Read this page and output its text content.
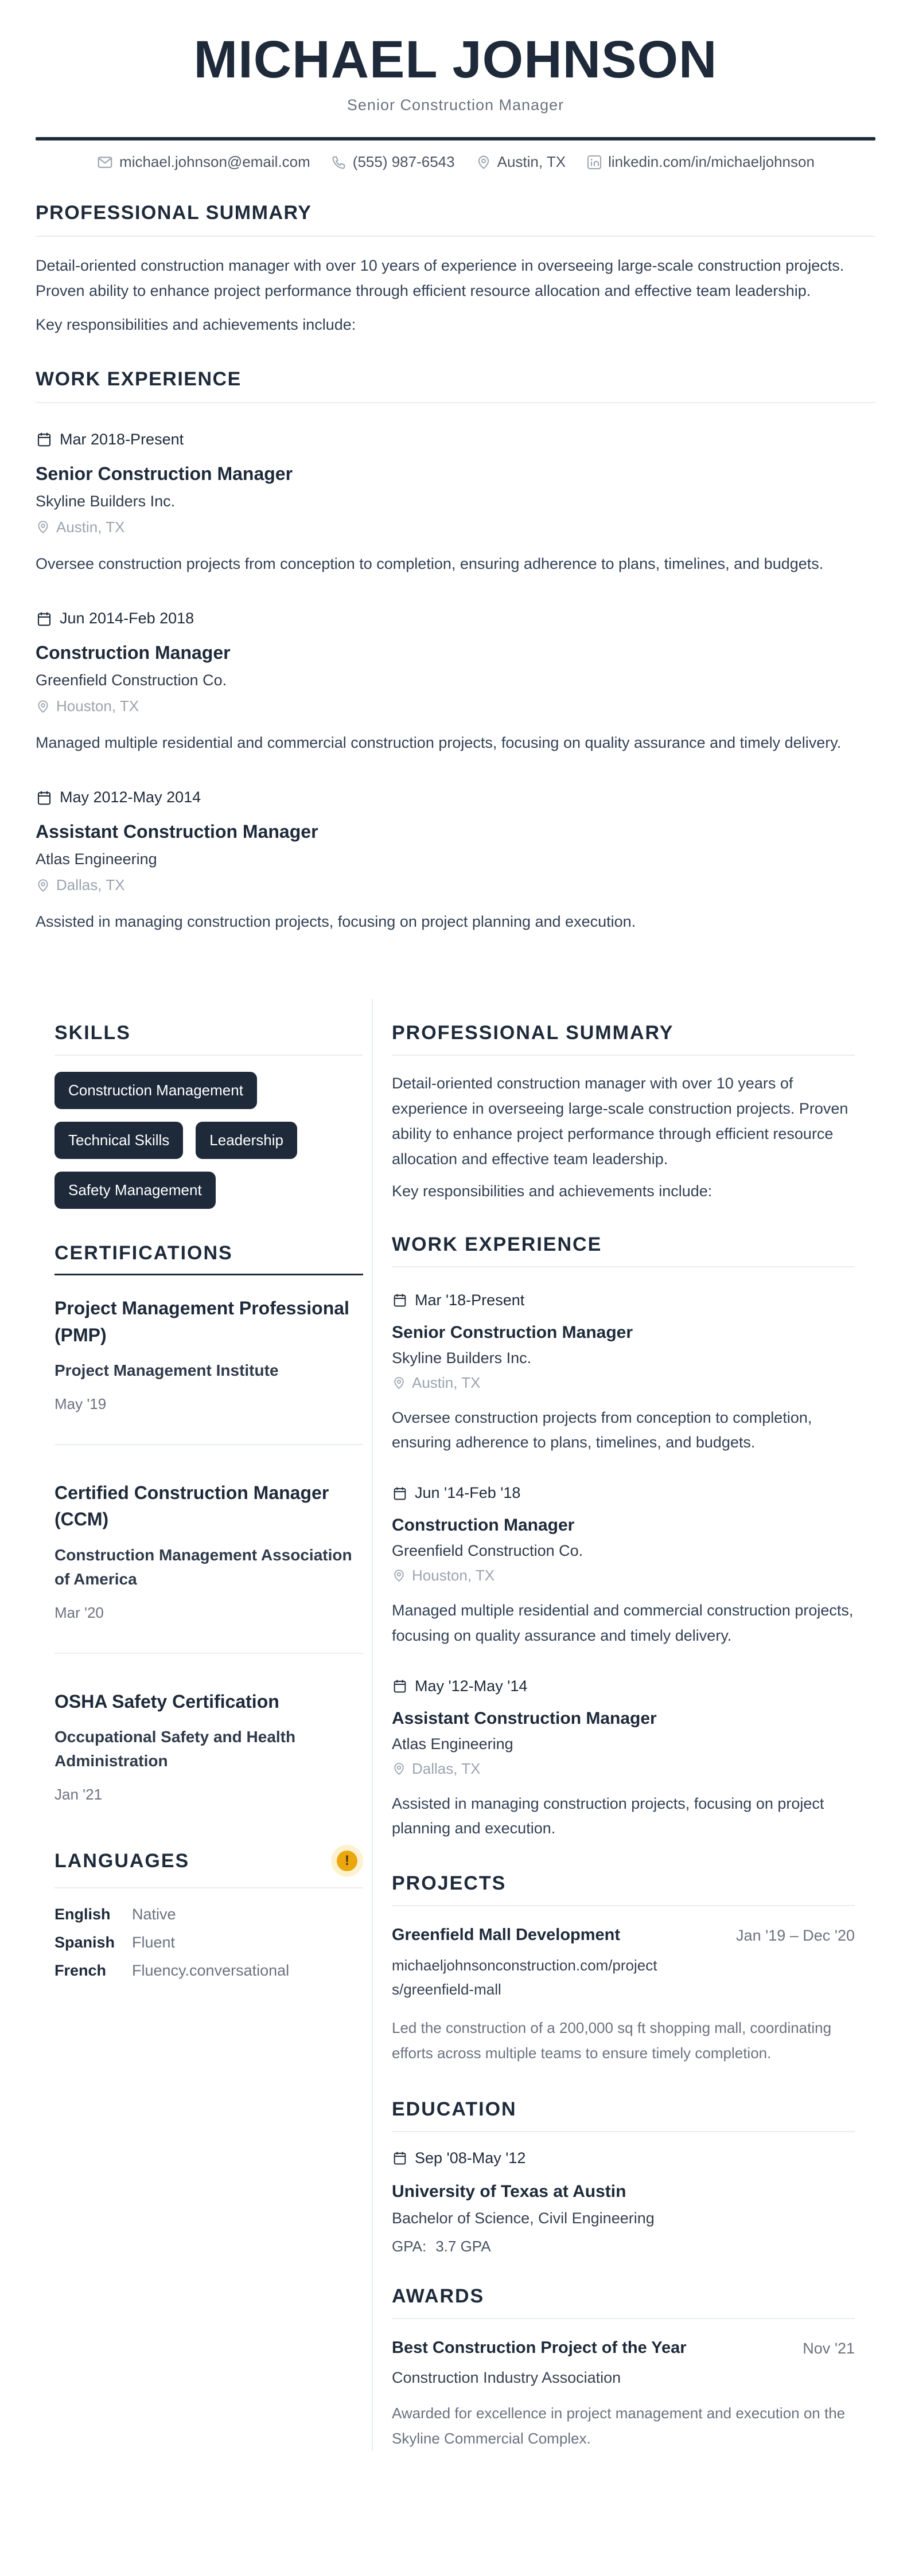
MICHAEL JOHNSON
Senior Construction Manager
michael.johnson@email.com	(555) 987-6543	Austin, TX	linkedin.com/in/michaeljohnson
PROFESSIONAL SUMMARY
Detail-oriented construction manager with over 10 years of experience in overseeing large-scale construction projects. Proven ability to enhance project performance through efficient resource allocation and effective team leadership.
Key responsibilities and achievements include:
WORK EXPERIENCE
Mar 2018-Present
Senior Construction Manager
Skyline Builders Inc.
Austin, TX
Oversee construction projects from conception to completion, ensuring adherence to plans, timelines, and budgets.
Jun 2014-Feb 2018
Construction Manager
Greenfield Construction Co.
Houston, TX
Managed multiple residential and commercial construction projects, focusing on quality assurance and timely delivery.
May 2012-May 2014
Assistant Construction Manager
Atlas Engineering
Dallas, TX
Assisted in managing construction projects, focusing on project planning and execution.
SKILLS
Construction Management
Technical Skills	Leadership
Safety Management
CERTIFICATIONS
Project Management Professional (PMP)
Project Management Institute
May '19
Certified Construction Manager (CCM)
Construction Management Association of America
Mar '20
OSHA Safety Certification
Occupational Safety and Health Administration
Jan '21
LANGUAGES	!
English	Native
Spanish	Fluent
French	Fluency.conversational
PROFESSIONAL SUMMARY
Detail-oriented construction manager with over 10 years of experience in overseeing large-scale construction projects. Proven ability to enhance project performance through efficient resource allocation and effective team leadership.
Key responsibilities and achievements include:
WORK EXPERIENCE
Mar '18-Present
Senior Construction Manager
Skyline Builders Inc.
Austin, TX
Oversee construction projects from conception to completion, ensuring adherence to plans, timelines, and budgets.
Jun '14-Feb '18
Construction Manager
Greenfield Construction Co.
Houston, TX
Managed multiple residential and commercial construction projects, focusing on quality assurance and timely delivery.
May '12-May '14
Assistant Construction Manager
Atlas Engineering
Dallas, TX
Assisted in managing construction projects, focusing on project planning and execution.
PROJECTS
Greenfield Mall Development	Jan '19 – Dec '20
michaeljohnsonconstruction.com/projects/greenfield-mall
Led the construction of a 200,000 sq ft shopping mall, coordinating efforts across multiple teams to ensure timely completion.
EDUCATION
Sep '08-May '12
University of Texas at Austin
Bachelor of Science, Civil Engineering
GPA: 3.7 GPA
AWARDS
Best Construction Project of the Year	Nov '21
Construction Industry Association
Awarded for excellence in project management and execution on the Skyline Commercial Complex.
